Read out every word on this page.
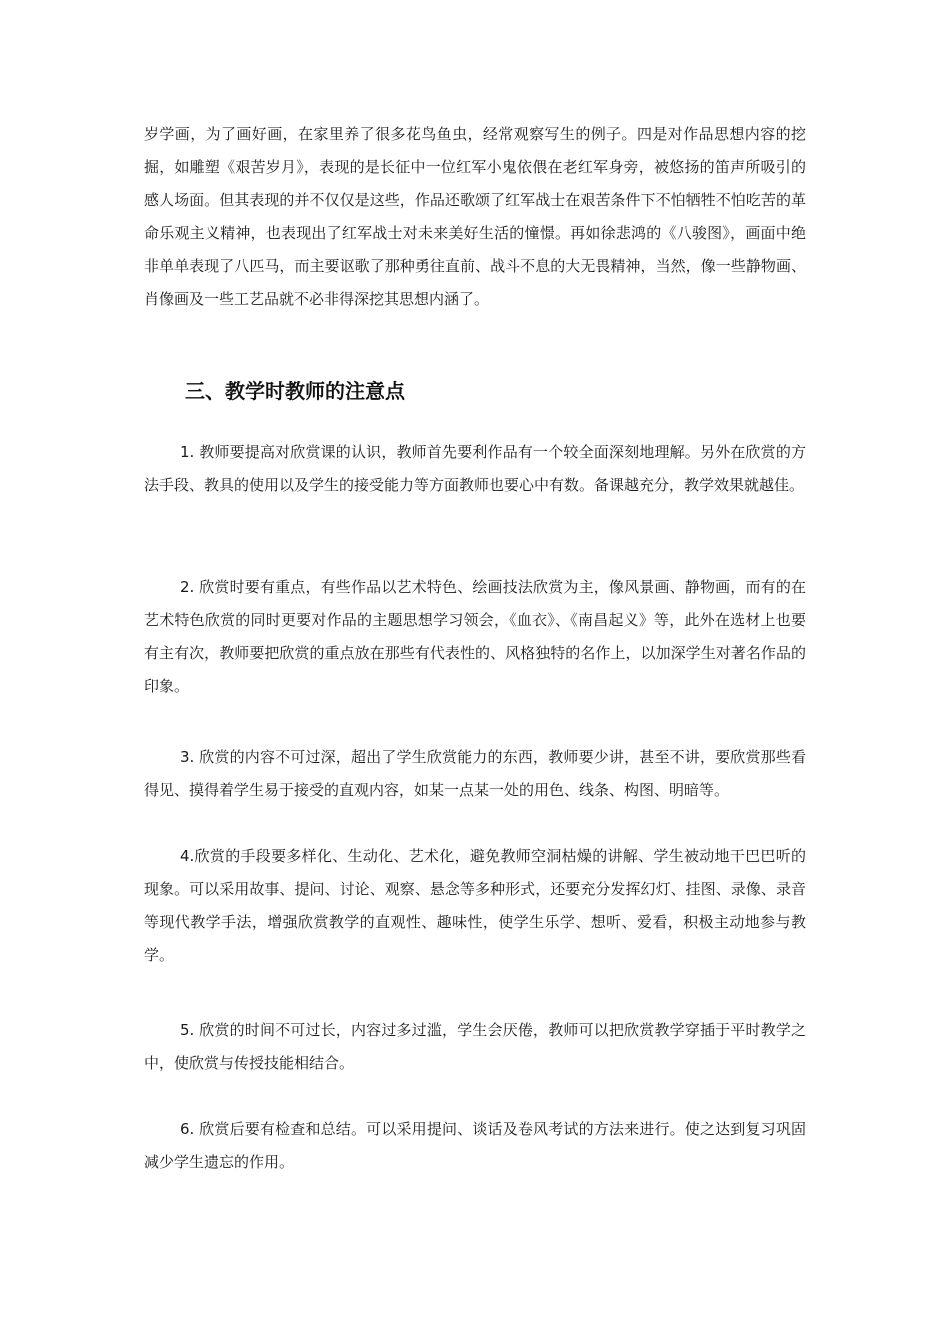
岁学画，为了画好画，在家里养了很多花鸟鱼虫，经常观察写生的例子。四是对作品思想内容的挖掘，如雕塑《艰苦岁月》，表现的是长征中一位红军小鬼依偎在老红军身旁，被悠扬的笛声所吸引的感人场面。但其表现的并不仅仅是这些，作品还歌颂了红军战士在艰苦条件下不怕牺牲不怕吃苦的革命乐观主义精神，也表现出了红军战士对未来美好生活的憧憬。再如徐悲鸿的《八骏图》，画面中绝非单单表现了八匹马，而主要讴歌了那种勇往直前、战斗不息的大无畏精神，当然，像一些静物画、肖像画及一些工艺品就不必非得深挖其思想内涵了。

三、教学时教师的注意点

1. 教师要提高对欣赏课的认识，教师首先要利作品有一个较全面深刻地理解。另外在欣赏的方法手段、教具的使用以及学生的接受能力等方面教师也要心中有数。备课越充分，教学效果就越佳。

2. 欣赏时要有重点，有些作品以艺术特色、绘画技法欣赏为主，像风景画、静物画，而有的在艺术特色欣赏的同时更要对作品的主题思想学习领会，《血衣》、《南昌起义》等，此外在选材上也要有主有次，教师要把欣赏的重点放在那些有代表性的、风格独特的名作上，以加深学生对著名作品的印象。

3. 欣赏的内容不可过深，超出了学生欣赏能力的东西，教师要少讲，甚至不讲，要欣赏那些看得见、摸得着学生易于接受的直观内容，如某一点某一处的用色、线条、构图、明暗等。

4.欣赏的手段要多样化、生动化、艺术化，避免教师空洞枯燥的讲解、学生被动地干巴巴听的现象。可以采用故事、提问、讨论、观察、悬念等多种形式，还要充分发挥幻灯、挂图、录像、录音等现代教学手法，增强欣赏教学的直观性、趣味性，使学生乐学、想听、爱看，积极主动地参与教学。

5. 欣赏的时间不可过长，内容过多过滥，学生会厌倦，教师可以把欣赏教学穿插于平时教学之中，使欣赏与传授技能相结合。

6. 欣赏后要有检查和总结。可以采用提问、谈话及卷风考试的方法来进行。使之达到复习巩固减少学生遗忘的作用。
